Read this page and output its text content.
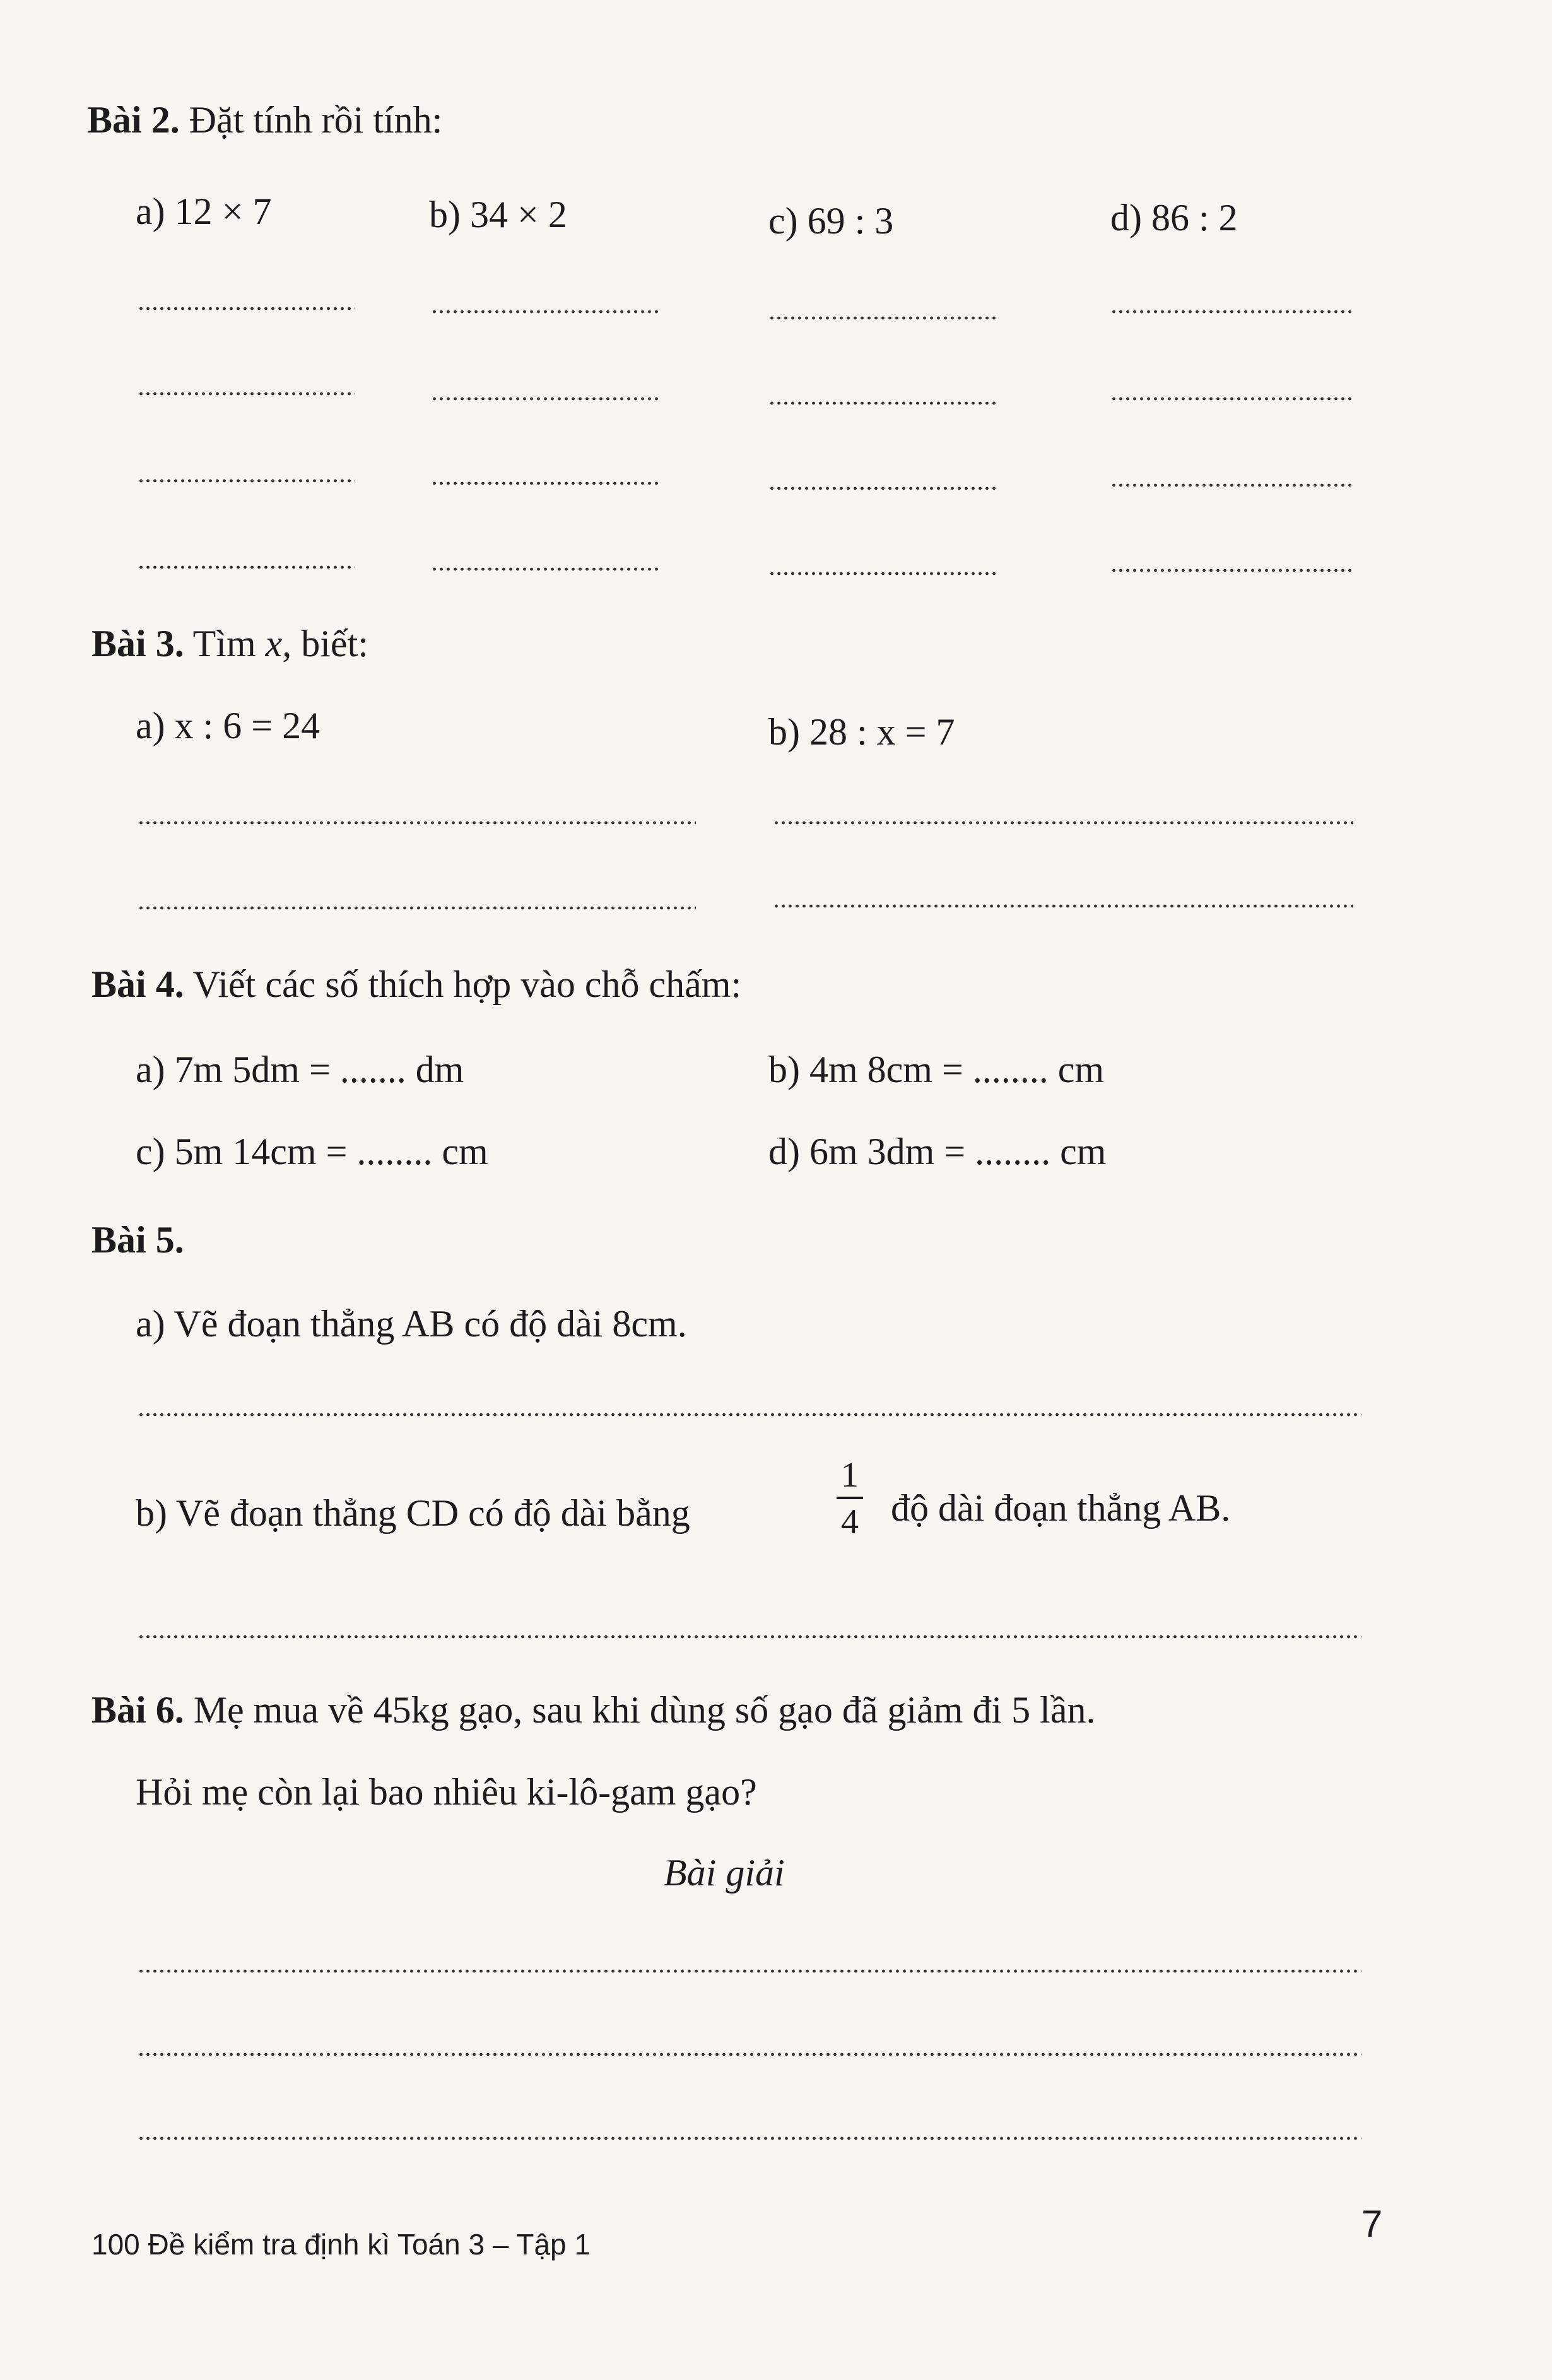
Bài 2. Đặt tính rồi tính:
a) 12 × 7	b) 34 × 2	c) 69 : 3	d) 86 : 2
Bài 3. Tìm x, biết:
a) x : 6 = 24	b) 28 : x = 7
Bài 4. Viết các số thích hợp vào chỗ chấm:
a) 7m 5dm = ....... dm	b) 4m 8cm = ........ cm
c) 5m 14cm = ........ cm	d) 6m 3dm = ........ cm
Bài 5.
a) Vẽ đoạn thẳng AB có độ dài 8cm.
b) Vẽ đoạn thẳng CD có độ dài bằng
1
4 độ dài đoạn thẳng AB.
Bài 6. Mẹ mua về 45kg gạo, sau khi dùng số gạo đã giảm đi 5 lần.
Hỏi mẹ còn lại bao nhiêu ki-lô-gam gạo?
Bài giải
100 Đề kiểm tra định kì Toán 3 – Tập 1	7
